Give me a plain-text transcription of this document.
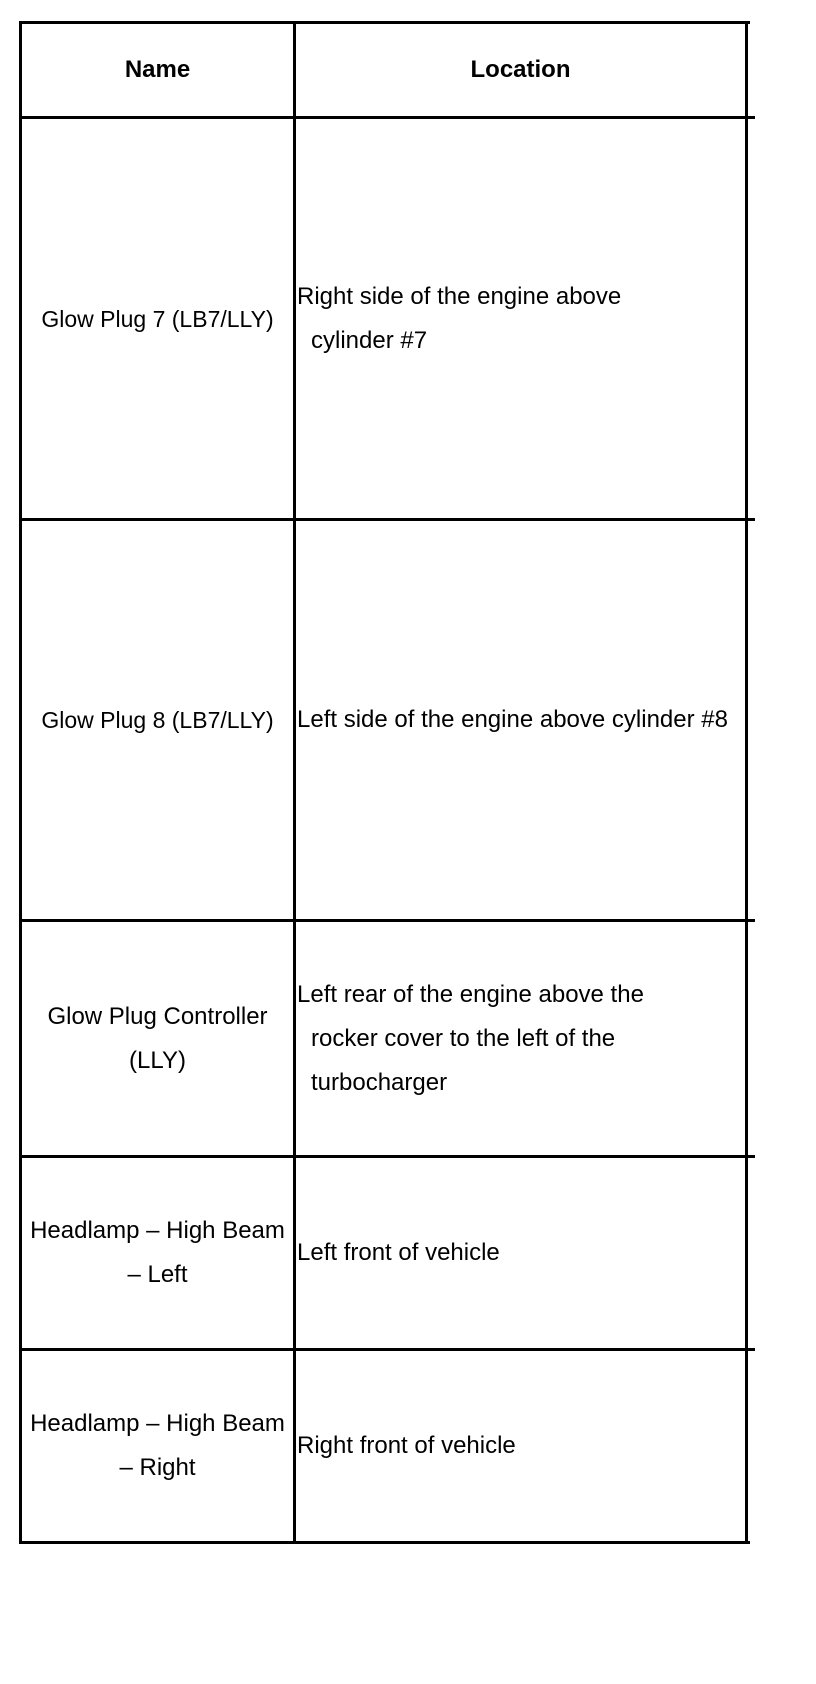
Name	Location
Glow Plug 7 (LB7/LLY)
Right side of the engine above cylinder #7
Glow Plug 8 (LB7/LLY) Left side of the engine above cylinder #8
Glow Plug Controller (LLY)
Left rear of the engine above the rocker cover to the left of the turbocharger
Headlamp – High Beam – Left
Left front of vehicle
Headlamp – High Beam – Right
Right front of vehicle
